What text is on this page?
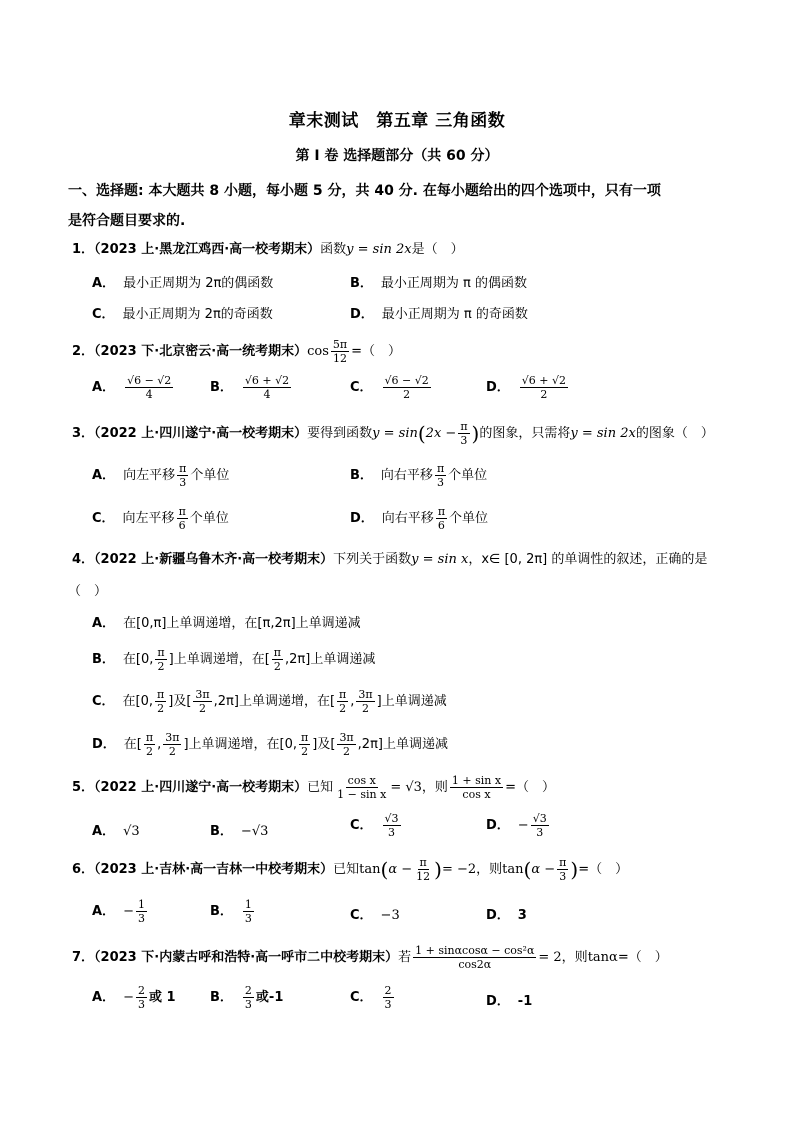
章末测试　第五章 三角函数
第 I 卷 选择题部分（共 60 分）
一、选择题: 本大题共 8 小题，每小题 5 分，共 40 分. 在每小题给出的四个选项中，只有一项
是符合题目要求的.
1．（2023 上·黑龙江鸡西·高一校考期末）函数y = sin 2x是（　）
A． 最小正周期为 2π的偶函数	B． 最小正周期为 π 的偶函数
C． 最小正周期为 2π的奇函数	D． 最小正周期为 π 的奇函数
2．（2023 下·北京密云·高一统考期末）$\cos \frac{5\pi}{12}$ =（　）
A． $\frac{√6 - √2}{4}$	B． $\frac{√6 + √2}{4}$	C． $\frac{√6 - √2}{2}$	D． $\frac{√6 + √2}{2}$
3．（2022 上·四川遂宁·高一校考期末）要得到函数$y = \sin(2x - \frac{\pi}{3}$ )的图象，只需将y = sin 2x的图象（　）
A． 向左平移 $\frac{\pi}{3}$ 个单位	B． 向右平移 $\frac{\pi}{3}$ 个单位
C． 向左平移 $\frac{\pi}{6}$ 个单位	D． 向右平移 $\frac{\pi}{6}$ 个单位
4．（2022 上·新疆乌鲁木齐·高一校考期末）下列关于函数y = sin x，x∈ [0, 2π] 的单调性的叙述，正确的是
（　）
A． 在[0,π]上单调递增，在[π,2π]上单调递减
B． 在[0, $\frac{\pi}{2}$ ]上单调递增，在[ $\frac{\pi}{2} ,2\pi$]上单调递减
C． 在[0, $\frac{\pi}{2}$ ]及[ $\frac{3\pi}{2} ,2\pi$]上单调递增，在[ $\frac{\pi}{2}$ , $\frac{3\pi}{2}$ ]上单调递减
D． 在[ $\frac{\pi}{2}$ , $\frac{3\pi}{2}$ ]上单调递增，在[0, $\frac{\pi}{2}$ ]及[ $\frac{3\pi}{2} ,2\pi$]上单调递减
5．（2022 上·四川遂宁·高一校考期末）已知 $\frac{\text{cos x}}{\text{1 − sin x}} = √3$，则 $\frac{\text{1 + sin x}}{\text{cos x}}$ =（　）
A． √3	B． −√3	C． $\frac{√3}{3}$	D． − $\frac{√3}{3}$
6．（2023 上·吉林·高一吉林一中校考期末）已知$\tan(\alpha - \frac{\pi}{12}$ )= −2，则$\tan(\alpha - \frac{\pi}{3}$ )=（　）
A． − $\frac{1}{3}$	B． $\frac{1}{3}$	C． −3	D． 3
7．（2023 下·内蒙古呼和浩特·高一呼市二中校考期末）若 $\frac{\text{1 + sinαcosα − cos²α}}{\cos 2\alpha} = 2$，则tanα=（　）
A． − $\frac{2}{3}$ 或 1	B． $\frac{2}{3}$ 或-1	C． $\frac{2}{3}$	D． -1
